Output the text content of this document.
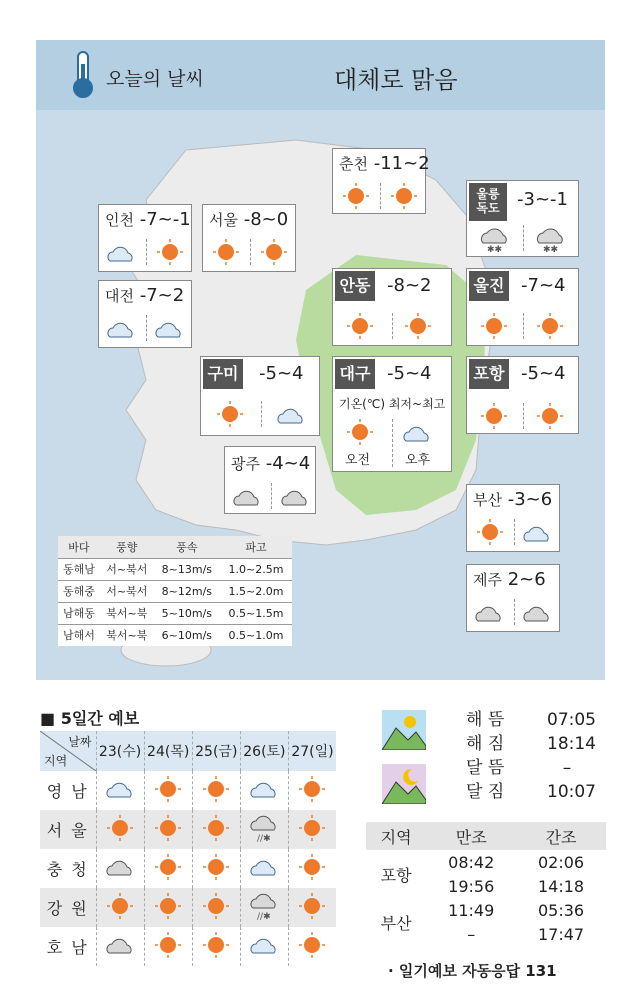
오늘의 날씨	대체로 맑음
춘천 -11~2
울릉
독도 -3~-1
✱✱	✱✱
인천 -7~-1 서울 -8~0
대전 -7~2	안동 -8~2	울진 -7~4
구미 -5~4 대구 -5~4
기온(℃) 최저~최고
오전	오후
포항 -5~4
광주 -4~4
부산 -3~6
제주 2~6
바다	풍향	풍속	파고
동해남	서~북서	8~13m/s	1.0~2.5m
동해중	서~북서	8~12m/s	1.5~2.0m
남해동	북서~북	5~10m/s	0.5~1.5m
남해서	북서~북	6~10m/s	0.5~1.0m
■ 5일간 예보
날짜
지역	23(수)	24(목)	25(금)	26(토)	27(일)
영 남					
서 울				//✱

충 청					
강 원				//✱

호 남					
해 뜸	07:05
해 짐	18:14
달 뜸	–
달 짐	10:07
지역	만조	간조
포항	08:42	02:06
	19:56	14:18
부산	11:49	05:36
	–	17:47
· 일기예보 자동응답 131
